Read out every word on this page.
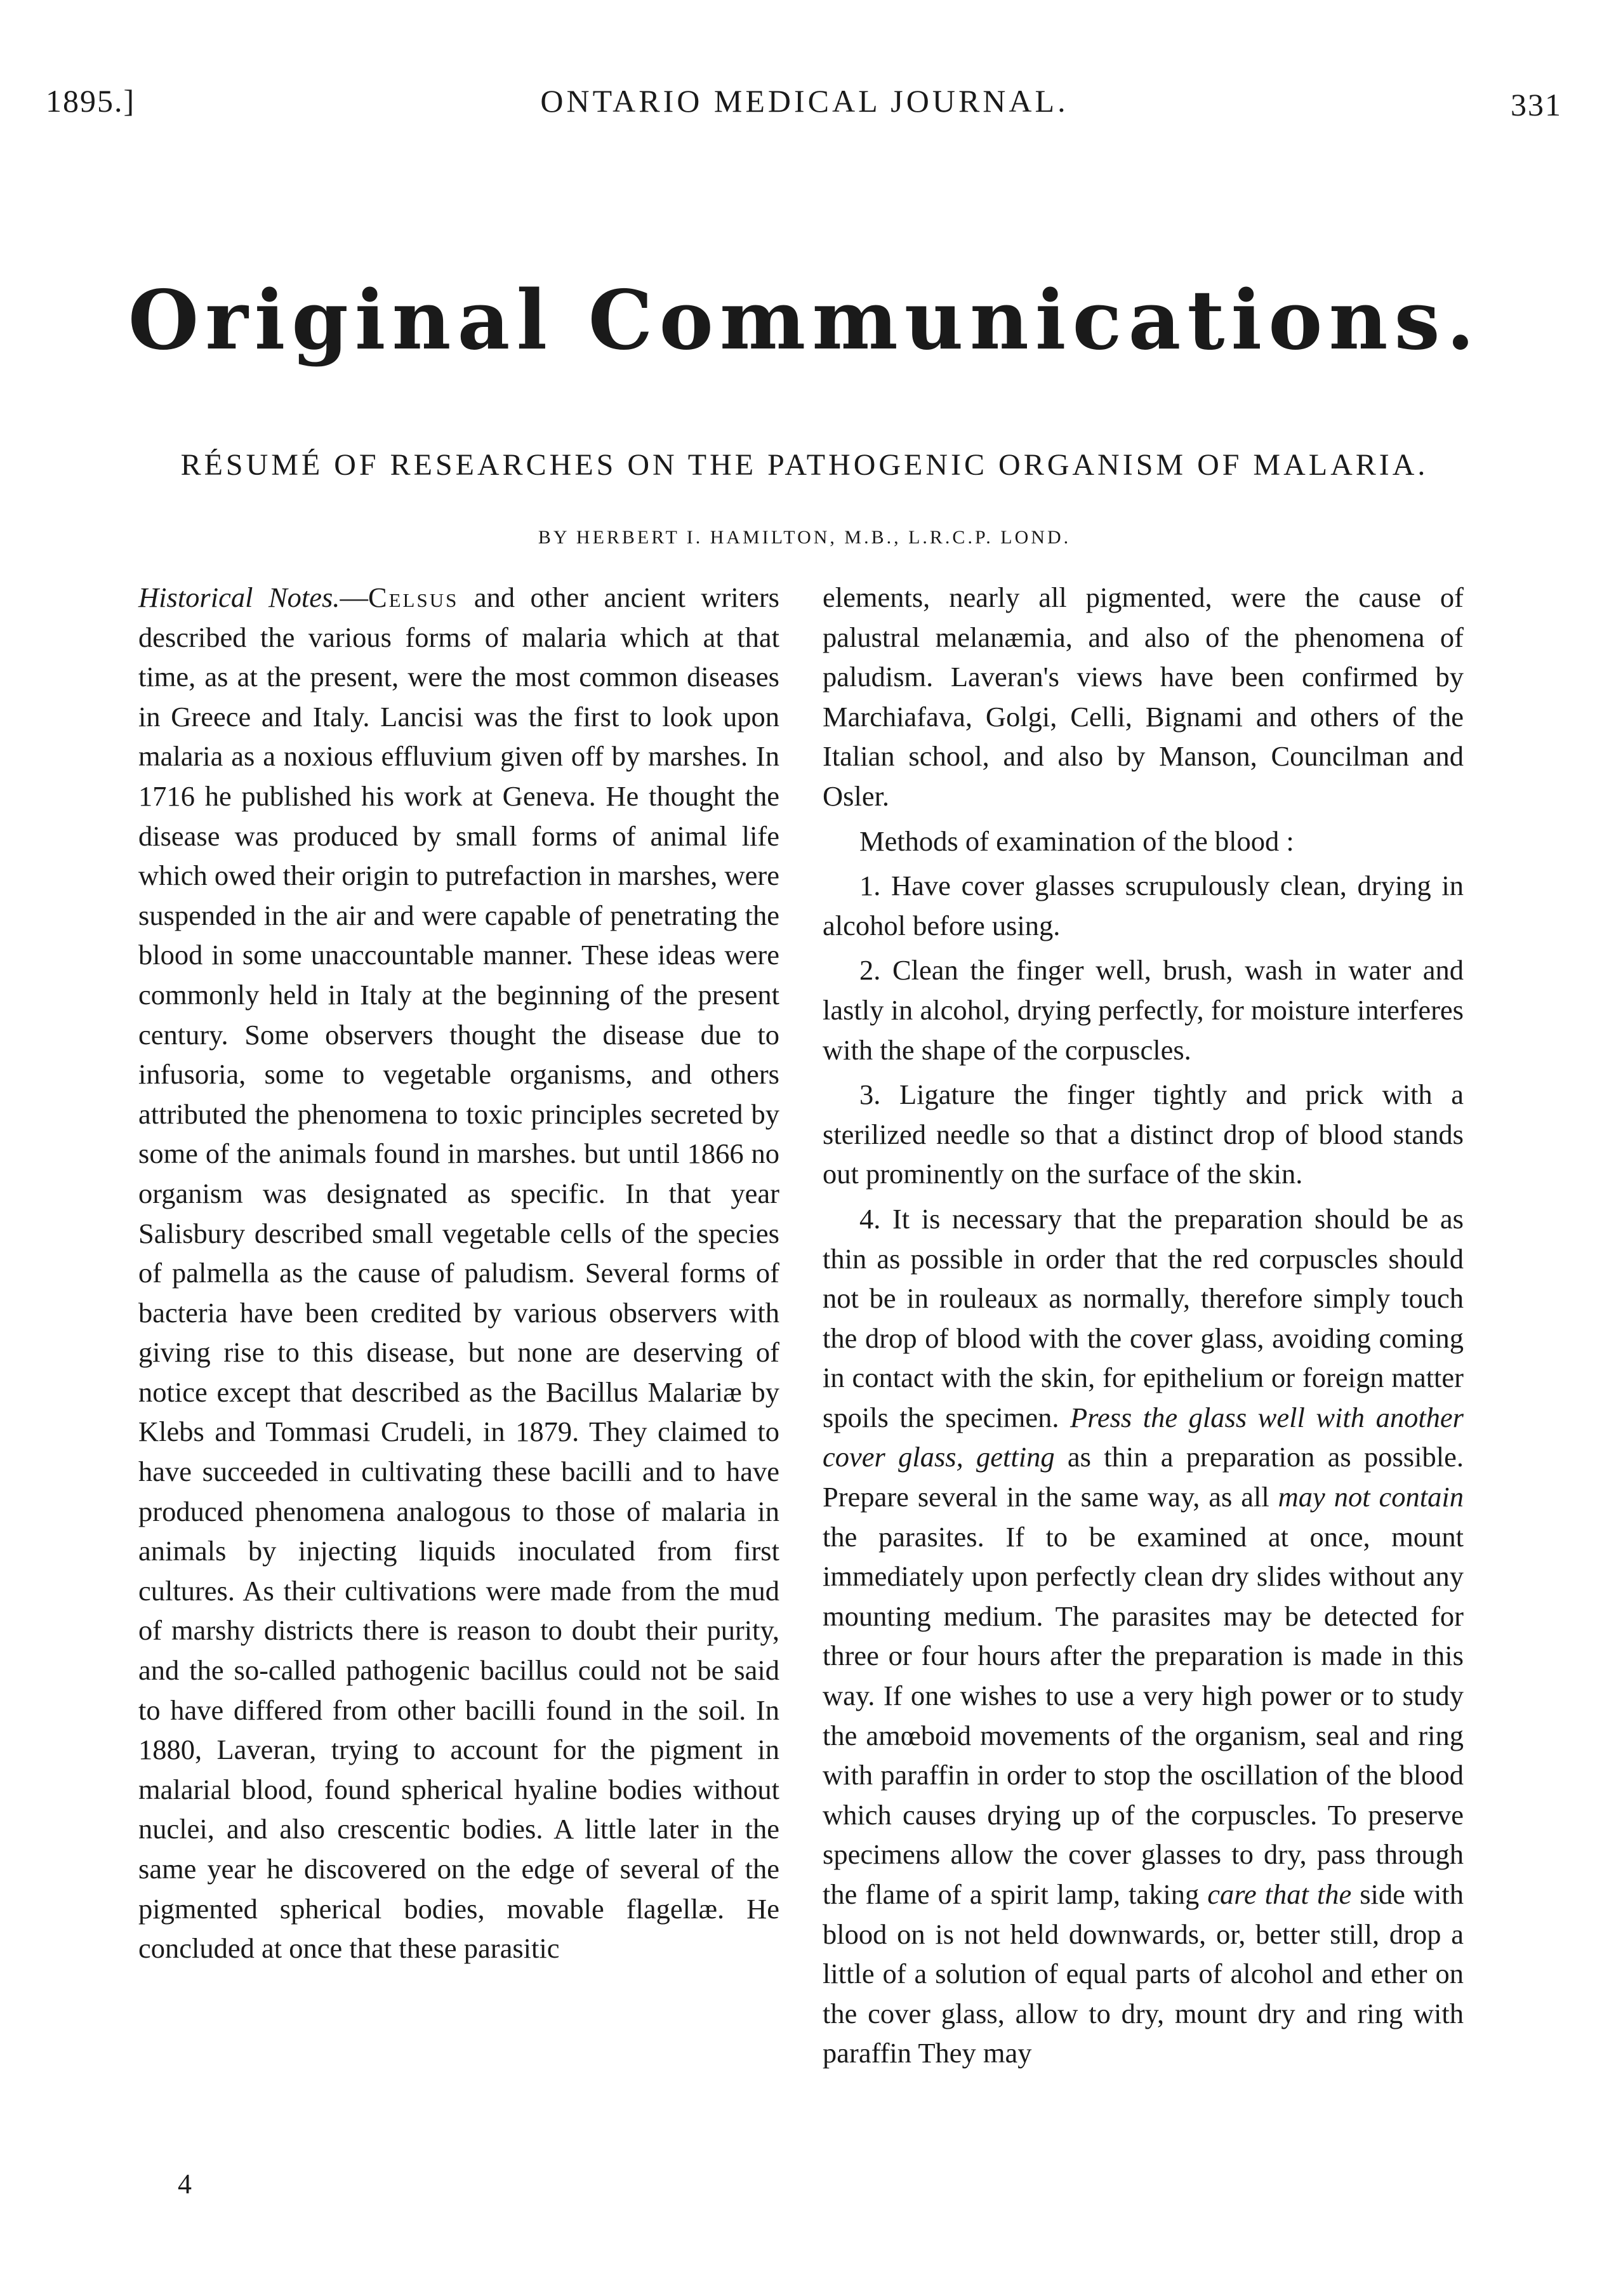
1895.]	ONTARIO MEDICAL JOURNAL.	331
Original Communications.
RÉSUMÉ OF RESEARCHES ON THE PATHOGENIC ORGANISM OF MALARIA.
BY HERBERT I. HAMILTON, M.B., L.R.C.P. LOND.

Historical Notes.—Celsus and other ancient writers described the various forms of malaria which at that time, as at the present, were the most common diseases in Greece and Italy. Lancisi was the first to look upon malaria as a noxious effluvium given off by marshes. In 1716 he published his work at Geneva. He thought the disease was produced by small forms of animal life which owed their origin to putrefaction in marshes, were suspended in the air and were capable of penetrating the blood in some unaccountable manner. These ideas were commonly held in Italy at the beginning of the present century. Some observers thought the disease due to infusoria, some to vegetable organisms, and others attributed the phenomena to toxic principles secreted by some of the animals found in marshes. but until 1866 no organism was designated as specific. In that year Salisbury described small vegetable cells of the species of palmella as the cause of paludism. Several forms of bacteria have been credited by various observers with giving rise to this disease, but none are deserving of notice except that described as the Bacillus Malariæ by Klebs and Tommasi Crudeli, in 1879. They claimed to have succeeded in cultivating these bacilli and to have produced phenomena analogous to those of malaria in animals by injecting liquids inoculated from first cultures. As their cultivations were made from the mud of marshy districts there is reason to doubt their purity, and the so-called pathogenic bacillus could not be said to have differed from other bacilli found in the soil. In 1880, Laveran, trying to account for the pigment in malarial blood, found spherical hyaline bodies without nuclei, and also crescentic bodies. A little later in the same year he discovered on the edge of several of the pigmented spherical bodies, movable flagellæ. He concluded at once that these parasitic

elements, nearly all pigmented, were the cause of palustral melanæmia, and also of the phenomena of paludism. Laveran's views have been confirmed by Marchiafava, Golgi, Celli, Bignami and others of the Italian school, and also by Manson, Councilman and Osler.

Methods of examination of the blood :

1. Have cover glasses scrupulously clean, drying in alcohol before using.

2. Clean the finger well, brush, wash in water and lastly in alcohol, drying perfectly, for moisture interferes with the shape of the corpuscles.

3. Ligature the finger tightly and prick with a sterilized needle so that a distinct drop of blood stands out prominently on the surface of the skin.

4. It is necessary that the preparation should be as thin as possible in order that the red corpuscles should not be in rouleaux as normally, therefore simply touch the drop of blood with the cover glass, avoiding coming in contact with the skin, for epithelium or foreign matter spoils the specimen. Press the glass well with another cover glass, getting as thin a preparation as possible. Prepare several in the same way, as all may not contain the parasites. If to be examined at once, mount immediately upon perfectly clean dry slides without any mounting medium. The parasites may be detected for three or four hours after the preparation is made in this way. If one wishes to use a very high power or to study the amœboid movements of the organism, seal and ring with paraffin in order to stop the oscillation of the blood which causes drying up of the corpuscles. To preserve specimens allow the cover glasses to dry, pass through the flame of a spirit lamp, taking care that the side with blood on is not held downwards, or, better still, drop a little of a solution of equal parts of alcohol and ether on the cover glass, allow to dry, mount dry and ring with paraffin They may

4
